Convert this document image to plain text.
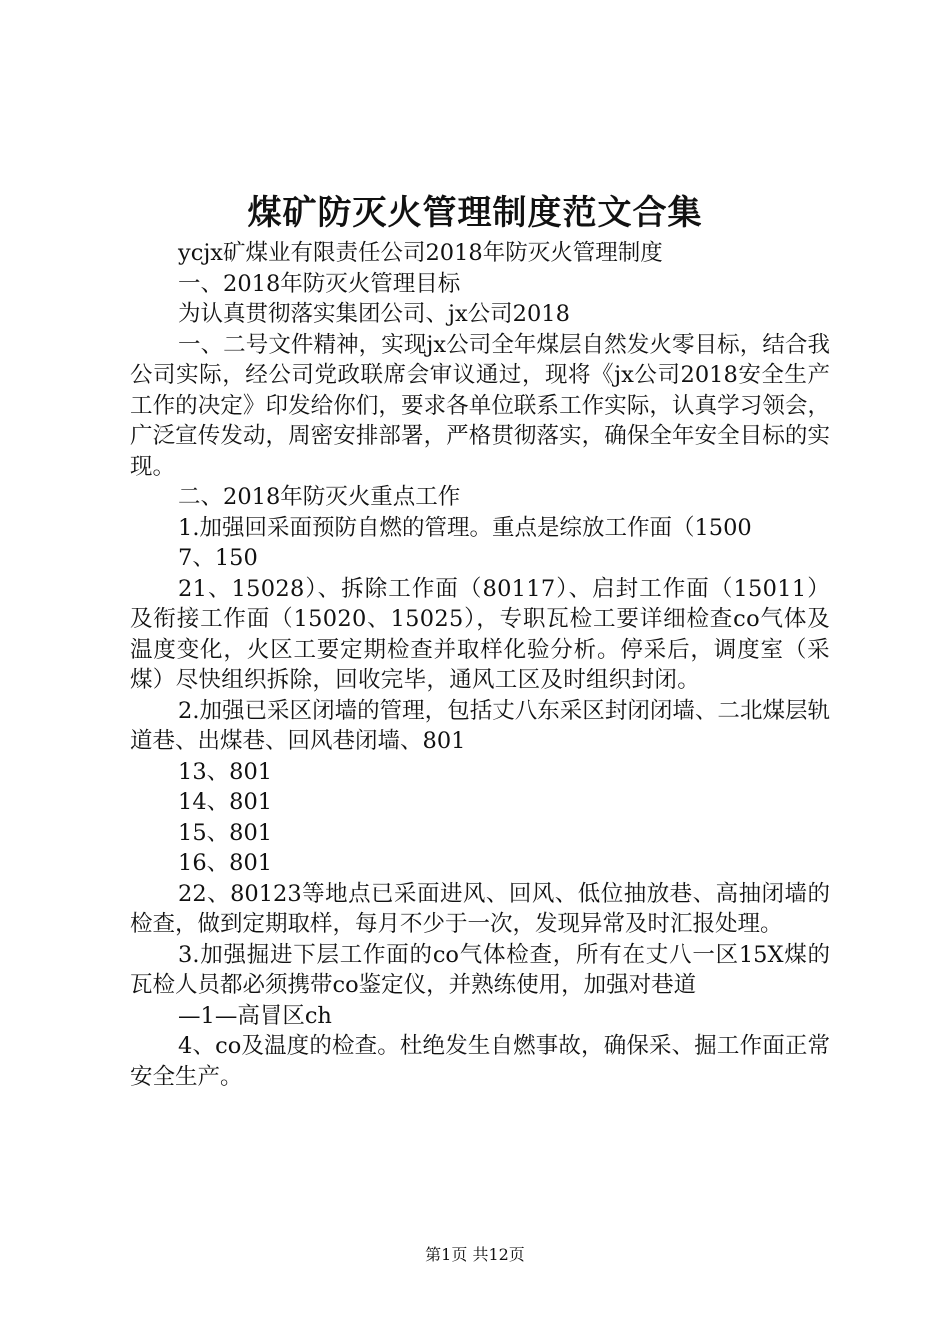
煤矿防灭火管理制度范文合集

ycjx矿煤业有限责任公司2018年防灭火管理制度

一、2018年防灭火管理目标

为认真贯彻落实集团公司、jx公司2018

一、二号文件精神，实现jx公司全年煤层自然发火零目标，结合我公司实际，经公司党政联席会审议通过，现将《jx公司2018安全生产工作的决定》印发给你们，要求各单位联系工作实际，认真学习领会，广泛宣传发动，周密安排部署，严格贯彻落实，确保全年安全目标的实现。

二、2018年防灭火重点工作

1.加强回采面预防自燃的管理。重点是综放工作面（1500

7、150

21、15028）、拆除工作面（80117）、启封工作面（15011）及衔接工作面（15020、15025），专职瓦检工要详细检查co气体及温度变化，火区工要定期检查并取样化验分析。停采后，调度室（采煤）尽快组织拆除，回收完毕，通风工区及时组织封闭。

2.加强已采区闭墙的管理，包括丈八东采区封闭闭墙、二北煤层轨道巷、出煤巷、回风巷闭墙、801

13、801

14、801

15、801

16、801

22、80123等地点已采面进风、回风、低位抽放巷、高抽闭墙的检查，做到定期取样，每月不少于一次，发现异常及时汇报处理。

3.加强掘进下层工作面的co气体检查，所有在丈八一区15X煤的瓦检人员都必须携带co鉴定仪，并熟练使用，加强对巷道

—1—高冒区ch

4、co及温度的检查。杜绝发生自燃事故，确保采、掘工作面正常安全生产。

第1页 共12页
